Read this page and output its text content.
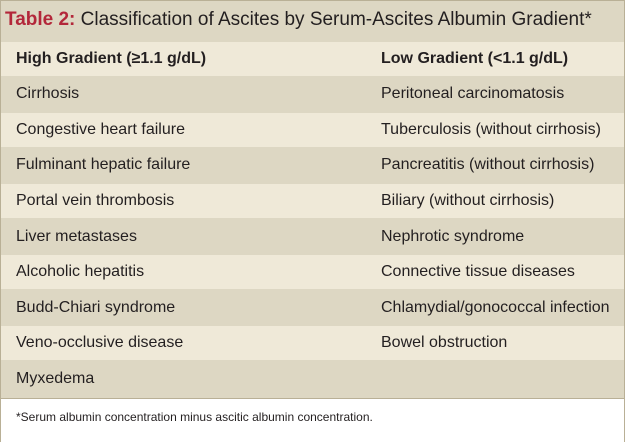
Table 2: Classification of Ascites by Serum-Ascites Albumin Gradient*
High Gradient (≥1.1 g/dL)	Low Gradient (<1.1 g/dL)
Cirrhosis	Peritoneal carcinomatosis
Congestive heart failure	Tuberculosis (without cirrhosis)
Fulminant hepatic failure	Pancreatitis (without cirrhosis)
Portal vein thrombosis	Biliary (without cirrhosis)
Liver metastases	Nephrotic syndrome
Alcoholic hepatitis	Connective tissue diseases
Budd-Chiari syndrome	Chlamydial/gonococcal infection
Veno-occlusive disease	Bowel obstruction
Myxedema
*Serum albumin concentration minus ascitic albumin concentration.
